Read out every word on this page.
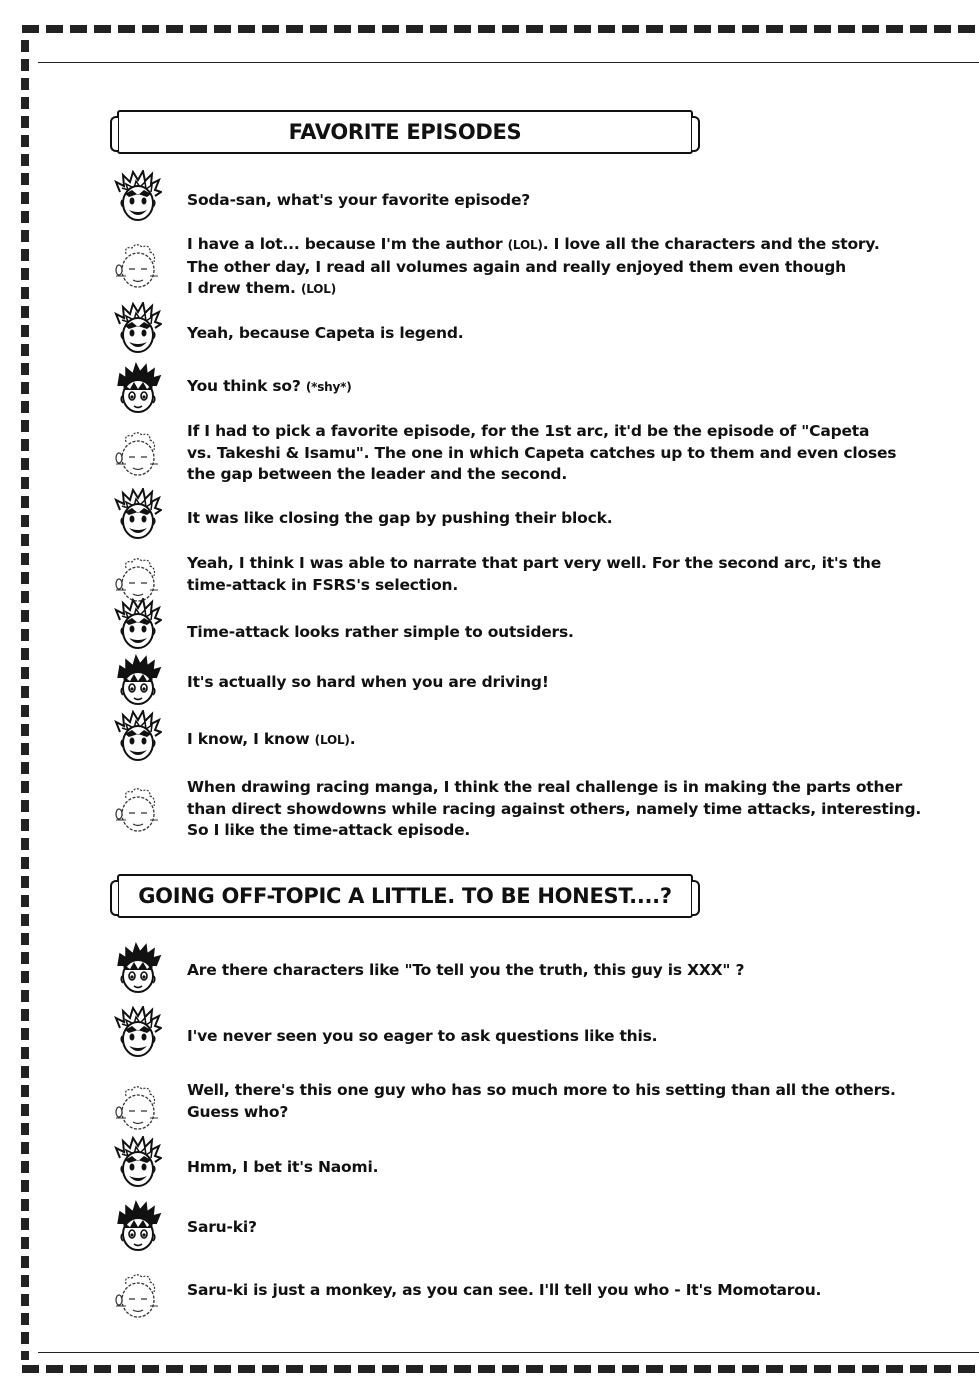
FAVORITE EPISODES
Soda-san, what's your favorite episode?
I have a lot... because I'm the author (LOL). I love all the characters and the story.
The other day, I read all volumes again and really enjoyed them even though
I drew them. (LOL)
Yeah, because Capeta is legend.
You think so? (*shy*)
If I had to pick a favorite episode, for the 1st arc, it'd be the episode of "Capeta
vs. Takeshi & Isamu". The one in which Capeta catches up to them and even closes
the gap between the leader and the second.
It was like closing the gap by pushing their block.
Yeah, I think I was able to narrate that part very well. For the second arc, it's the
time-attack in FSRS's selection.
Time-attack looks rather simple to outsiders.
It's actually so hard when you are driving!
I know, I know (LOL).
When drawing racing manga, I think the real challenge is in making the parts other
than direct showdowns while racing against others, namely time attacks, interesting.
So I like the time-attack episode.
GOING OFF-TOPIC A LITTLE. TO BE HONEST....?
Are there characters like "To tell you the truth, this guy is XXX" ?
I've never seen you so eager to ask questions like this.
Well, there's this one guy who has so much more to his setting than all the others.
Guess who?
Hmm, I bet it's Naomi.
Saru-ki?
Saru-ki is just a monkey, as you can see. I'll tell you who - It's Momotarou.
